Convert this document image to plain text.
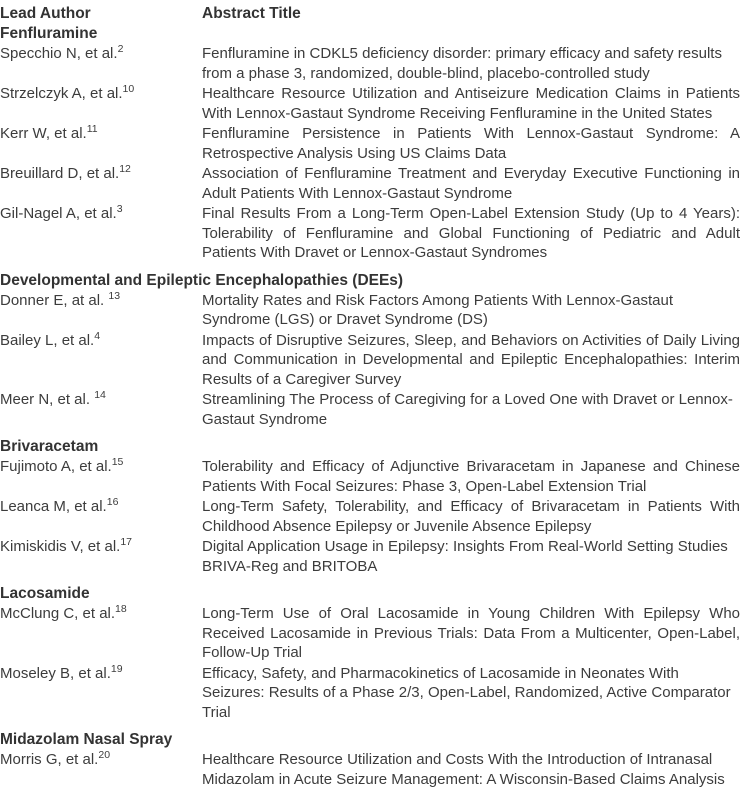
Lead Author	Abstract Title
Fenfluramine	
Specchio N, et al.$^2$	Fenfluramine in CDKL5 deficiency disorder: primary efficacy and safety results from a phase 3, randomized, double-blind, placebo-controlled study
Strzelczyk A, et al.$^{10}$	Healthcare Resource Utilization and Antiseizure Medication Claims in Patients With Lennox-Gastaut Syndrome Receiving Fenfluramine in the United States

Kerr W, et al.$^{11}$	Fenfluramine Persistence in Patients With Lennox-Gastaut Syndrome: A Retrospective Analysis Using US Claims Data

Breuillard D, et al.$^{12}$	Association of Fenfluramine Treatment and Everyday Executive Functioning in Adult Patients With Lennox-Gastaut Syndrome

Gil-Nagel A, et al.$^3$	Final Results From a Long-Term Open-Label Extension Study (Up to 4 Years): Tolerability of Fenfluramine and Global Functioning of Pediatric and Adult Patients With Dravet or Lennox-Gastaut Syndromes

Developmental and Epileptic Encephalopathies (DEEs)	
Donner E, at al. $^{13}$	Mortality Rates and Risk Factors Among Patients With Lennox-Gastaut Syndrome (LGS) or Dravet Syndrome (DS)
Bailey L, et al.$^4$	Impacts of Disruptive Seizures, Sleep, and Behaviors on Activities of Daily Living and Communication in Developmental and Epileptic Encephalopathies: Interim Results of a Caregiver Survey

Meer N, et al. $^{14}$	Streamlining The Process of Caregiving for a Loved One with Dravet or Lennox-Gastaut Syndrome

Brivaracetam	
Fujimoto A, et al.$^{15}$	Tolerability and Efficacy of Adjunctive Brivaracetam in Japanese and Chinese Patients With Focal Seizures: Phase 3, Open-Label Extension Trial

Leanca M, et al.$^{16}$	Long-Term Safety, Tolerability, and Efficacy of Brivaracetam in Patients With Childhood Absence Epilepsy or Juvenile Absence Epilepsy

Kimiskidis V, et al.$^{17}$	Digital Application Usage in Epilepsy: Insights From Real-World Setting Studies BRIVA-Reg and BRITOBA

Lacosamide	
McClung C, et al.$^{18}$	Long-Term Use of Oral Lacosamide in Young Children With Epilepsy Who Received Lacosamide in Previous Trials: Data From a Multicenter, Open-Label, Follow-Up Trial

Moseley B, et al.$^{19}$	Efficacy, Safety, and Pharmacokinetics of Lacosamide in Neonates With Seizures: Results of a Phase 2/3, Open-Label, Randomized, Active Comparator Trial

Midazolam Nasal Spray	
Morris G, et al.$^{20}$	Healthcare Resource Utilization and Costs With the Introduction of Intranasal Midazolam in Acute Seizure Management: A Wisconsin-Based Claims Analysis
